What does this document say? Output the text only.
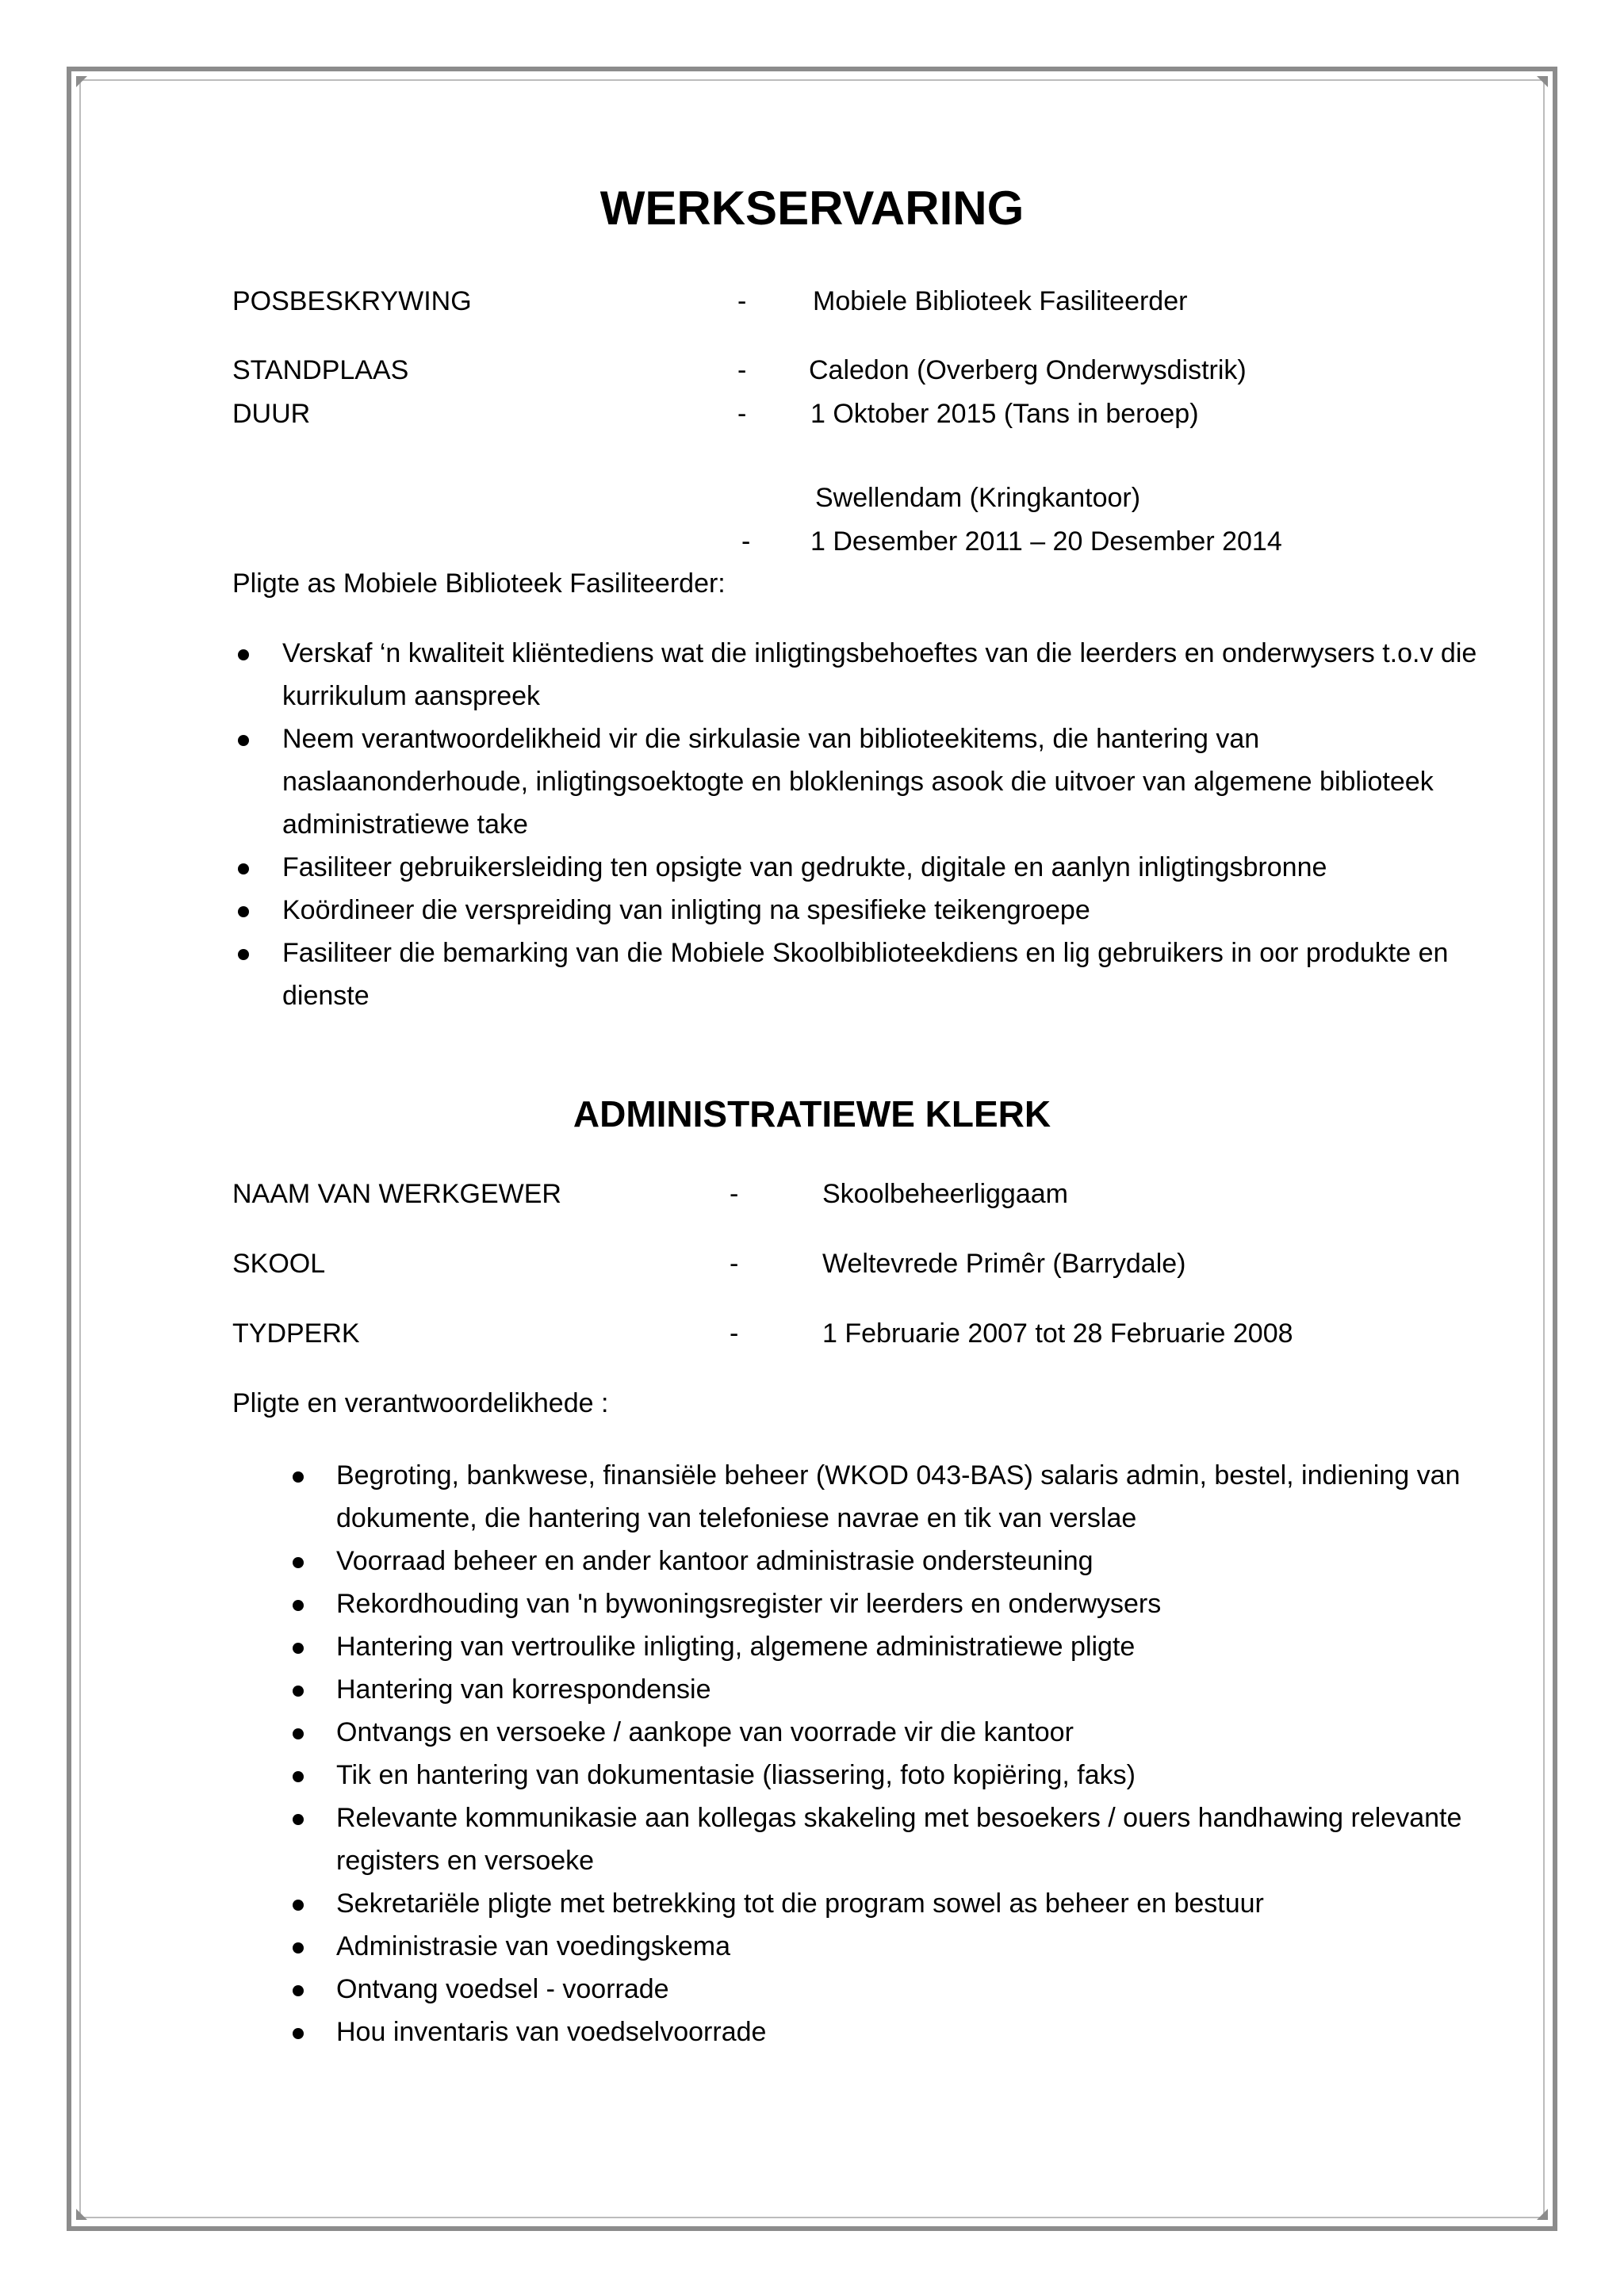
WERKSERVARING
POSBESKRYWING	- Mobiele Biblioteek Fasiliteerder
STANDPLAAS	- Caledon (Overberg Onderwysdistrik)
DUUR	- 1 Oktober 2015 (Tans in beroep)
Swellendam (Kringkantoor)
- 1 Desember 2011 – 20 Desember 2014
Pligte as Mobiele Biblioteek Fasiliteerder:
Verskaf ‘n kwaliteit kliëntediens wat die inligtingsbehoeftes van die leerders en onderwysers t.o.v die
kurrikulum aanspreek
Neem verantwoordelikheid vir die sirkulasie van biblioteekitems, die hantering van
naslaanonderhoude, inligtingsoektogte en bloklenings asook die uitvoer van algemene biblioteek
administratiewe take
Fasiliteer gebruikersleiding ten opsigte van gedrukte, digitale en aanlyn inligtingsbronne
Koördineer die verspreiding van inligting na spesifieke teikengroepe
Fasiliteer die bemarking van die Mobiele Skoolbiblioteekdiens en lig gebruikers in oor produkte en
dienste
ADMINISTRATIEWE KLERK
NAAM VAN WERKGEWER	-	Skoolbeheerliggaam
SKOOL	-	Weltevrede Primêr (Barrydale)
TYDPERK	-	1 Februarie 2007 tot 28 Februarie 2008
Pligte en verantwoordelikhede :
Begroting, bankwese, finansiële beheer (WKOD 043-BAS) salaris admin, bestel, indiening van
dokumente, die hantering van telefoniese navrae en tik van verslae
Voorraad beheer en ander kantoor administrasie ondersteuning
Rekordhouding van 'n bywoningsregister vir leerders en onderwysers
Hantering van vertroulike inligting, algemene administratiewe pligte
Hantering van korrespondensie
Ontvangs en versoeke / aankope van voorrade vir die kantoor
Tik en hantering van dokumentasie (liassering, foto kopiëring, faks)
Relevante kommunikasie aan kollegas skakeling met besoekers / ouers handhawing relevante
registers en versoeke
Sekretariële pligte met betrekking tot die program sowel as beheer en bestuur
Administrasie van voedingskema
Ontvang voedsel - voorrade
Hou inventaris van voedselvoorrade
